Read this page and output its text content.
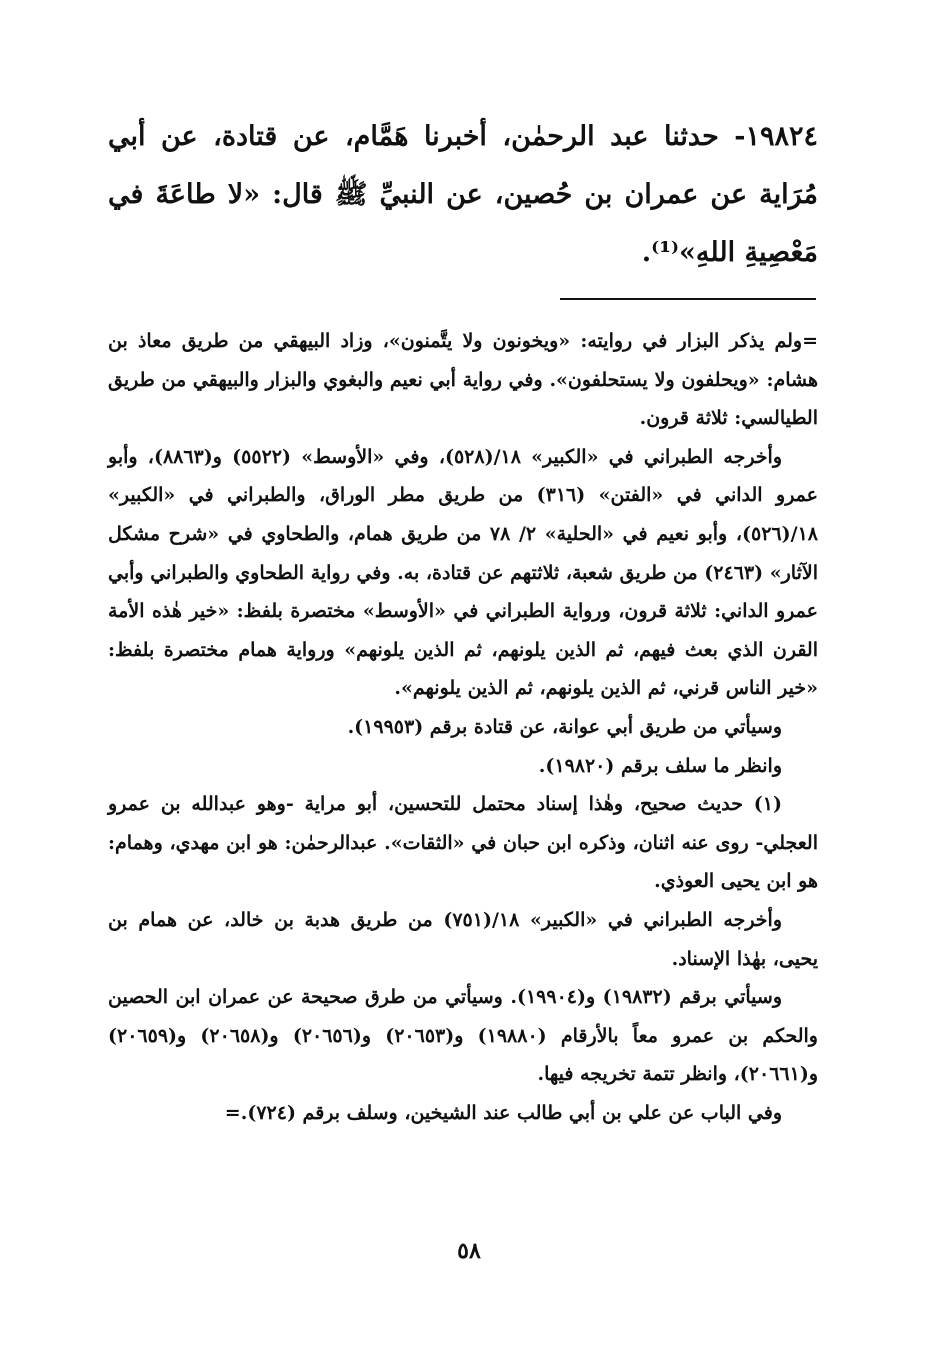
١٩٨٢٤- حدثنا عبد الرحمٰن، أخبرنا هَمَّام، عن قتادة، عن أبي مُرَاية عن عمران بن حُصين، عن النبيِّ ﷺ قال: «لا طاعَةَ في مَعْصِيةِ اللهِ»⁽¹⁾.

=ولم يذكر البزار في روايته: «ويخونون ولا يتَّمنون»، وزاد البيهقي من طريق معاذ بن هشام: «ويحلفون ولا يستحلفون». وفي رواية أبي نعيم والبغوي والبزار والبيهقي من طريق الطيالسي: ثلاثة قرون.

وأخرجه الطبراني في «الكبير» ١٨/(٥٢٨)، وفي «الأوسط» (٥٥٢٢) و(٨٨٦٣)، وأبو عمرو الداني في «الفتن» (٣١٦) من طريق مطر الوراق، والطبراني في «الكبير» ١٨/(٥٢٦)، وأبو نعيم في «الحلية» ٢/ ٧٨ من طريق همام، والطحاوي في «شرح مشكل الآثار» (٢٤٦٣) من طريق شعبة، ثلاثتهم عن قتادة، به. وفي رواية الطحاوي والطبراني وأبي عمرو الداني: ثلاثة قرون، ورواية الطبراني في «الأوسط» مختصرة بلفظ: «خير هٰذه الأمة القرن الذي بعث فيهم، ثم الذين يلونهم، ثم الذين يلونهم» ورواية همام مختصرة بلفظ: «خير الناس قرني، ثم الذين يلونهم، ثم الذين يلونهم».

وسيأتي من طريق أبي عوانة، عن قتادة برقم (١٩٩٥٣).

وانظر ما سلف برقم (١٩٨٢٠).

(١) حديث صحيح، وهٰذا إسناد محتمل للتحسين، أبو مراية -وهو عبدالله بن عمرو العجلي- روى عنه اثنان، وذكره ابن حبان في «الثقات». عبدالرحمٰن: هو ابن مهدي، وهمام: هو ابن يحيى العوذي.

وأخرجه الطبراني في «الكبير» ١٨/(٧٥١) من طريق هدبة بن خالد، عن همام بن يحيى، بهٰذا الإسناد.

وسيأتي برقم (١٩٨٣٢) و(١٩٩٠٤). وسيأتي من طرق صحيحة عن عمران ابن الحصين والحكم بن عمرو معاً بالأرقام (١٩٨٨٠) و(٢٠٦٥٣) و(٢٠٦٥٦) و(٢٠٦٥٨) و(٢٠٦٥٩) و(٢٠٦٦١)، وانظر تتمة تخريجه فيها.

وفي الباب عن علي بن أبي طالب عند الشيخين، وسلف برقم (٧٢٤).=

٥٨
